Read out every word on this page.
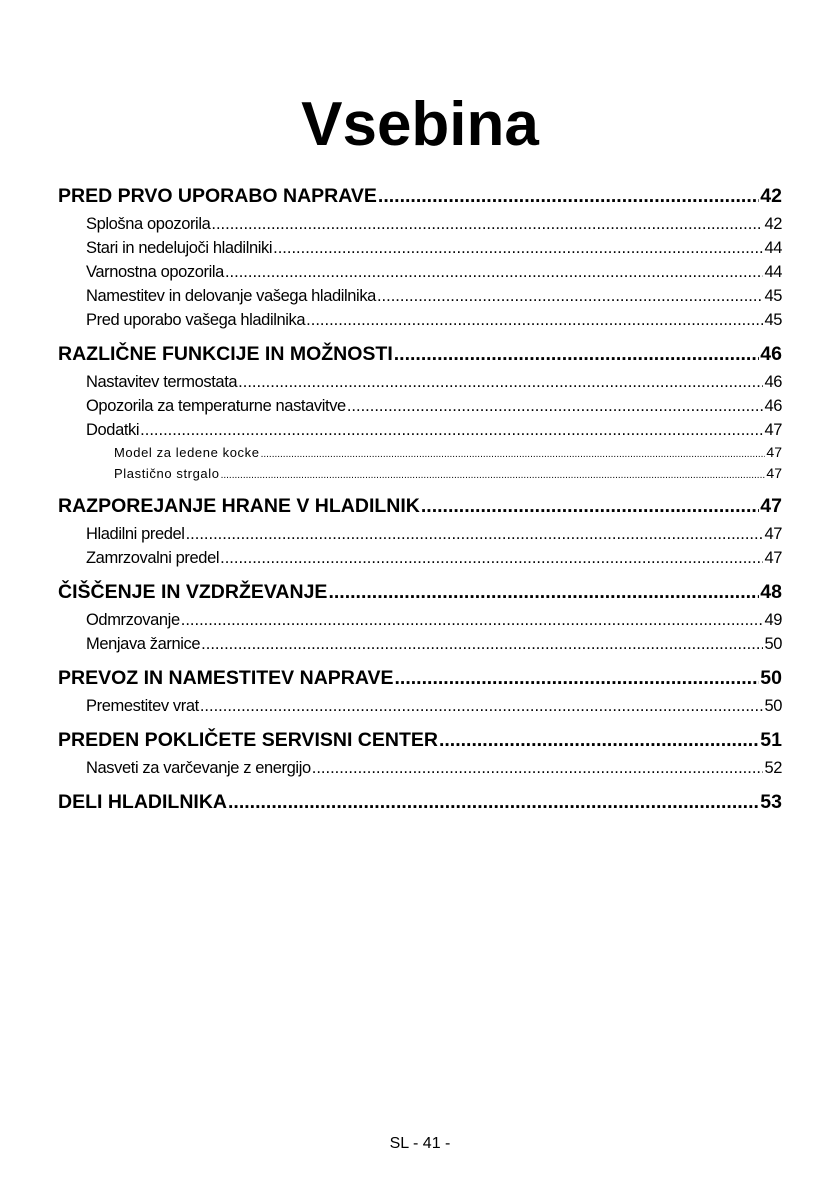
Vsebina
PRED PRVO UPORABO NAPRAVE .....	42
Splošna opozorila .....	42
Stari in nedelujoči hladilniki .....	44
Varnostna opozorila .....	44
Namestitev in delovanje vašega hladilnika .....	45
Pred uporabo vašega hladilnika .....	45
RAZLIČNE FUNKCIJE IN MOŽNOSTI .....	46
Nastavitev termostata .....	46
Opozorila za temperaturne nastavitve .....	46
Dodatki .....	47
Model za ledene kocke .....	47
Plastično strgalo .....	47
RAZPOREJANJE HRANE V HLADILNIK .....	47
Hladilni predel .....	47
Zamrzovalni predel .....	47
ČIŠČENJE IN VZDRŽEVANJE .....	48
Odmrzovanje .....	49
Menjava žarnice .....	50
PREVOZ IN NAMESTITEV NAPRAVE .....	50
Premestitev vrat .....	50
PREDEN POKLIČETE SERVISNI CENTER .....	51
Nasveti za varčevanje z energijo .....	52
DELI HLADILNIKA .....	53
SL - 41 -
